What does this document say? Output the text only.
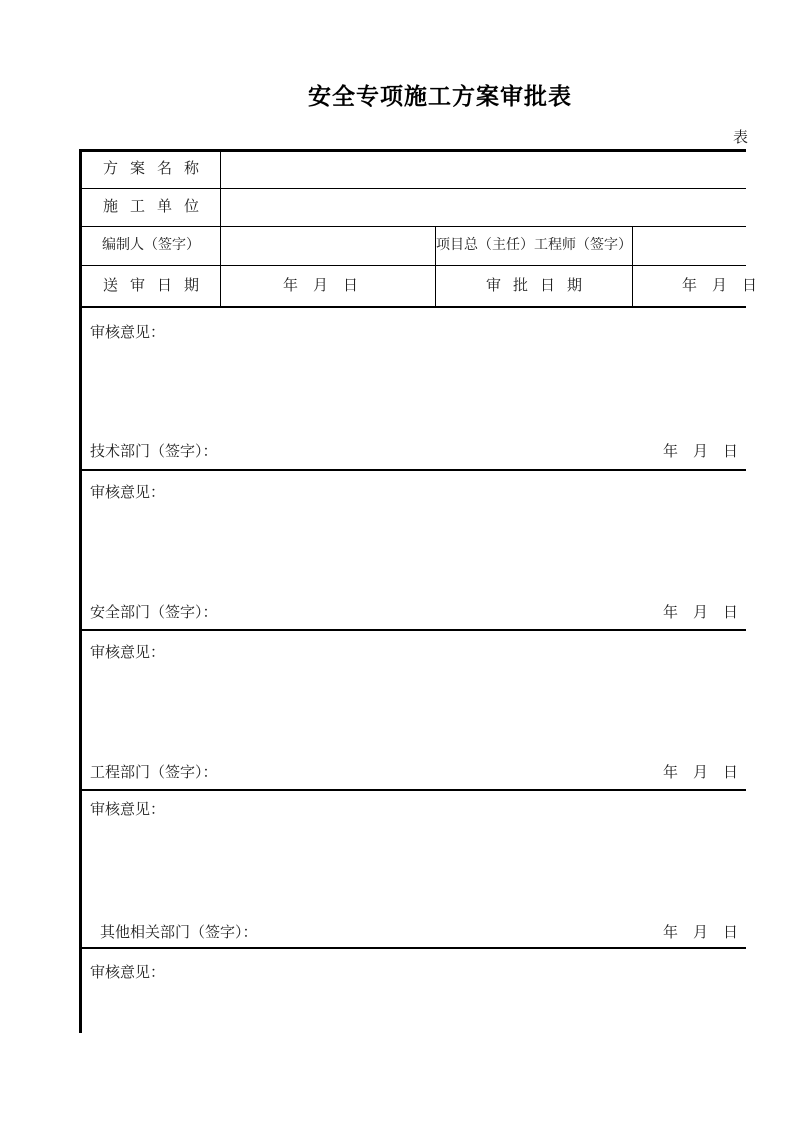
安全专项施工方案审批表
表
方案名称
施工单位
编制人（签字）	项目总（主任）工程师（签字）
送审日期	年月日	审批日期	年月日
审核意见：
技术部门（签字）：	年月日
审核意见：
安全部门（签字）：	年月日
审核意见：
工程部门（签字）：	年月日
审核意见：
其他相关部门（签字）：	年月日
审核意见：
